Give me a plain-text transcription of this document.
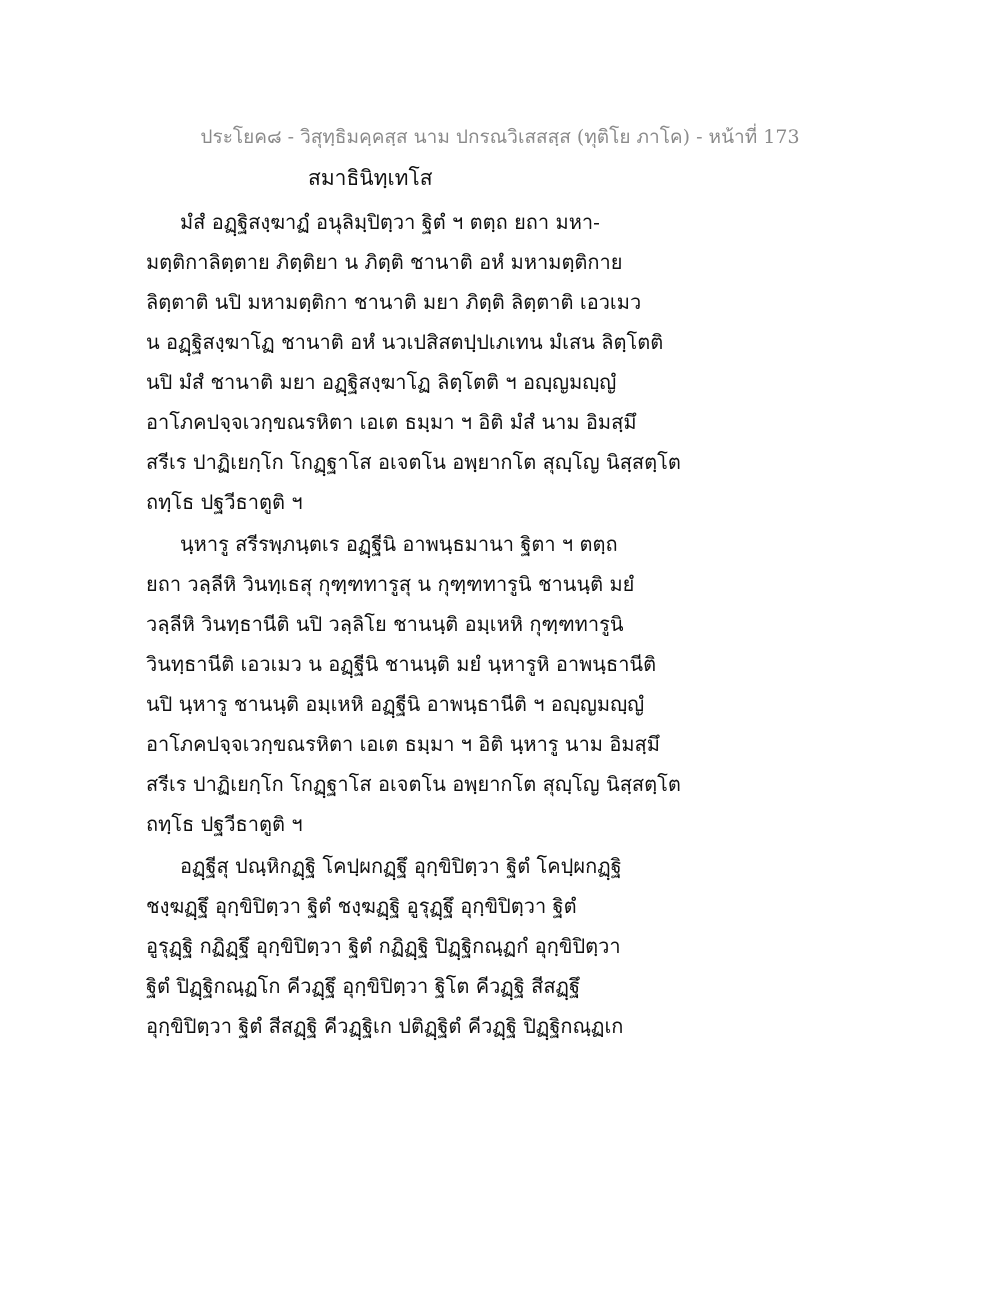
ประโยค๘ - วิสุทฺธิมคฺคสฺส นาม ปกรณวิเสสสฺส (ทุติโย ภาโค) - หน้าที่ 173
สมาธินิทฺเทโส
มํสํ อฏฺฐิสงฺฆาฏํ อนุลิมฺปิตฺวา ฐิตํ ฯ ตตฺถ ยถา มหา-
มตฺติกาลิตฺตาย ภิตฺติยา น ภิตฺติ ชานาติ อหํ มหามตฺติกาย
ลิตฺตาติ นปิ มหามตฺติกา ชานาติ มยา ภิตฺติ ลิตฺตาติ เอวเมว
น อฏฺฐิสงฺฆาโฏ ชานาติ อหํ นวเปสิสตปฺปเภเทน มํเสน ลิตฺโตติ
นปิ มํสํ ชานาติ มยา อฏฺฐิสงฺฆาโฏ ลิตฺโตติ ฯ อญฺญมญฺญํ
อาโภคปจฺจเวกฺขณรหิตา เอเต ธมฺมา ฯ อิติ มํสํ นาม อิมสฺมึ
สรีเร ปาฏิเยกฺโก โกฏฺฐาโส อเจตโน อพฺยากโต สุญฺโญ นิสฺสตฺโต
ถทฺโธ ปฐวีธาตูติ ฯ
นฺหารู สรีรพฺภนฺตเร อฏฺฐีนิ อาพนฺธมานา ฐิตา ฯ ตตฺถ
ยถา วลฺลีหิ วินทฺเธสุ กุฑฺฑทารูสุ น กุฑฺฑทารูนิ ชานนฺติ มยํ
วลฺลีหิ วินทฺธานีติ นปิ วลฺลิโย ชานนฺติ อมฺเหหิ กุฑฺฑทารูนิ
วินทฺธานีติ เอวเมว น อฏฺฐีนิ ชานนฺติ มยํ นฺหารูหิ อาพนฺธานีติ
นปิ นฺหารู ชานนฺติ อมฺเหหิ อฏฺฐีนิ อาพนฺธานีติ ฯ อญฺญมญฺญํ
อาโภคปจฺจเวกฺขณรหิตา เอเต ธมฺมา ฯ อิติ นฺหารู นาม อิมสฺมึ
สรีเร ปาฏิเยกฺโก โกฏฺฐาโส อเจตโน อพฺยากโต สุญฺโญ นิสฺสตฺโต
ถทฺโธ ปฐวีธาตูติ ฯ
อฏฺฐีสุ ปณฺหิกฏฺฐิ โคปฺผกฏฺฐึ อุกฺขิปิตฺวา ฐิตํ โคปฺผกฏฺฐิ
ชงฺฆฏฺฐึ อุกฺขิปิตฺวา ฐิตํ ชงฺฆฏฺฐิ อูรุฏฺฐึ อุกฺขิปิตฺวา ฐิตํ
อูรุฏฺฐิ กฏิฏฺฐึ อุกฺขิปิตฺวา ฐิตํ กฏิฏฺฐิ ปิฏฺฐิกณฺฏกํ อุกฺขิปิตฺวา
ฐิตํ ปิฏฺฐิกณฺฏโก คีวฏฺฐึ อุกฺขิปิตฺวา ฐิโต คีวฏฺฐิ สีสฏฺฐึ
อุกฺขิปิตฺวา ฐิตํ สีสฏฺฐิ คีวฏฺฐิเก ปติฏฺฐิตํ คีวฏฺฐิ ปิฏฺฐิกณฺฏเก
